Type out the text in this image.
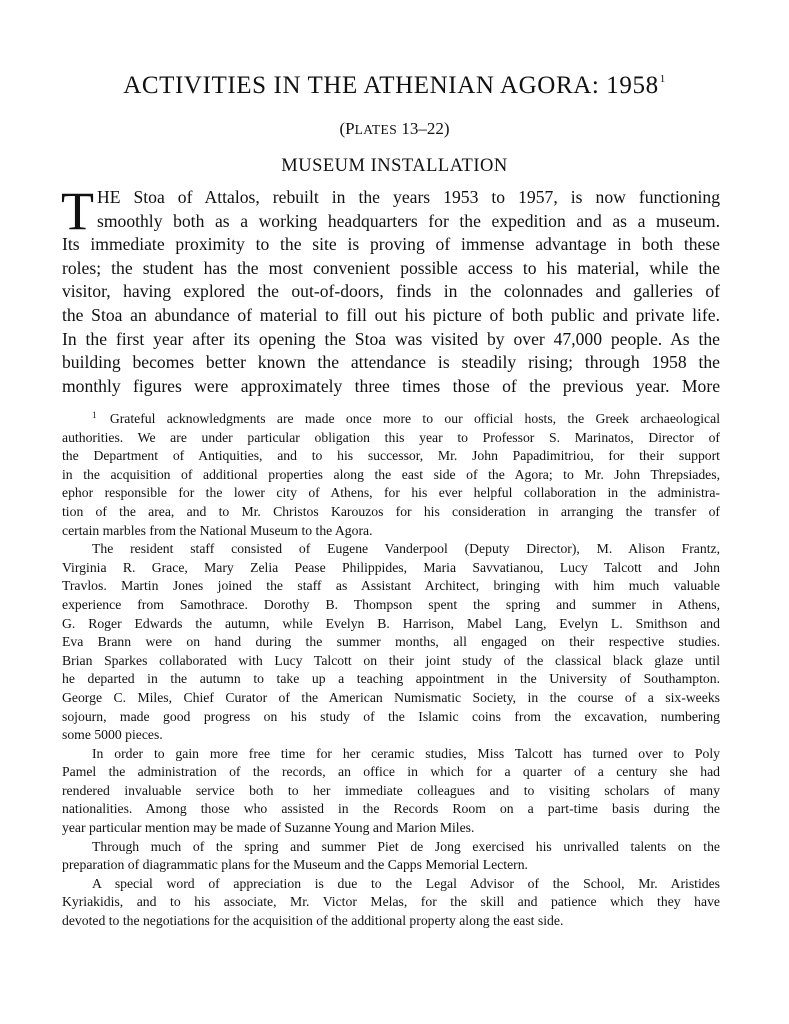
ACTIVITIES IN THE ATHENIAN AGORA: 1958$^1$
(PLATES 13–22)
MUSEUM INSTALLATION
T HE Stoa of Attalos, rebuilt in the years 1953 to 1957, is now functioning
smoothly both as a working headquarters for the expedition and as a museum.
Its immediate proximity to the site is proving of immense advantage in both these
roles; the student has the most convenient possible access to his material, while the
visitor, having explored the out-of-doors, finds in the colonnades and galleries of
the Stoa an abundance of material to fill out his picture of both public and private life.
In the first year after its opening the Stoa was visited by over 47,000 people. As the
building becomes better known the attendance is steadily rising; through 1958 the
monthly figures were approximately three times those of the previous year. More
$^1$ Grateful acknowledgments are made once more to our official hosts, the Greek archaeological
authorities. We are under particular obligation this year to Professor S. Marinatos, Director of
the Department of Antiquities, and to his successor, Mr. John Papadimitriou, for their support
in the acquisition of additional properties along the east side of the Agora; to Mr. John Threpsiades,
ephor responsible for the lower city of Athens, for his ever helpful collaboration in the administra-
tion of the area, and to Mr. Christos Karouzos for his consideration in arranging the transfer of
certain marbles from the National Museum to the Agora.
The resident staff consisted of Eugene Vanderpool (Deputy Director), M. Alison Frantz,
Virginia R. Grace, Mary Zelia Pease Philippides, Maria Savvatianou, Lucy Talcott and John
Travlos. Martin Jones joined the staff as Assistant Architect, bringing with him much valuable
experience from Samothrace. Dorothy B. Thompson spent the spring and summer in Athens,
G. Roger Edwards the autumn, while Evelyn B. Harrison, Mabel Lang, Evelyn L. Smithson and
Eva Brann were on hand during the summer months, all engaged on their respective studies.
Brian Sparkes collaborated with Lucy Talcott on their joint study of the classical black glaze until
he departed in the autumn to take up a teaching appointment in the University of Southampton.
George C. Miles, Chief Curator of the American Numismatic Society, in the course of a six-weeks
sojourn, made good progress on his study of the Islamic coins from the excavation, numbering
some 5000 pieces.
In order to gain more free time for her ceramic studies, Miss Talcott has turned over to Poly
Pamel the administration of the records, an office in which for a quarter of a century she had
rendered invaluable service both to her immediate colleagues and to visiting scholars of many
nationalities. Among those who assisted in the Records Room on a part-time basis during the
year particular mention may be made of Suzanne Young and Marion Miles.
Through much of the spring and summer Piet de Jong exercised his unrivalled talents on the
preparation of diagrammatic plans for the Museum and the Capps Memorial Lectern.
A special word of appreciation is due to the Legal Advisor of the School, Mr. Aristides
Kyriakidis, and to his associate, Mr. Victor Melas, for the skill and patience which they have
devoted to the negotiations for the acquisition of the additional property along the east side.
